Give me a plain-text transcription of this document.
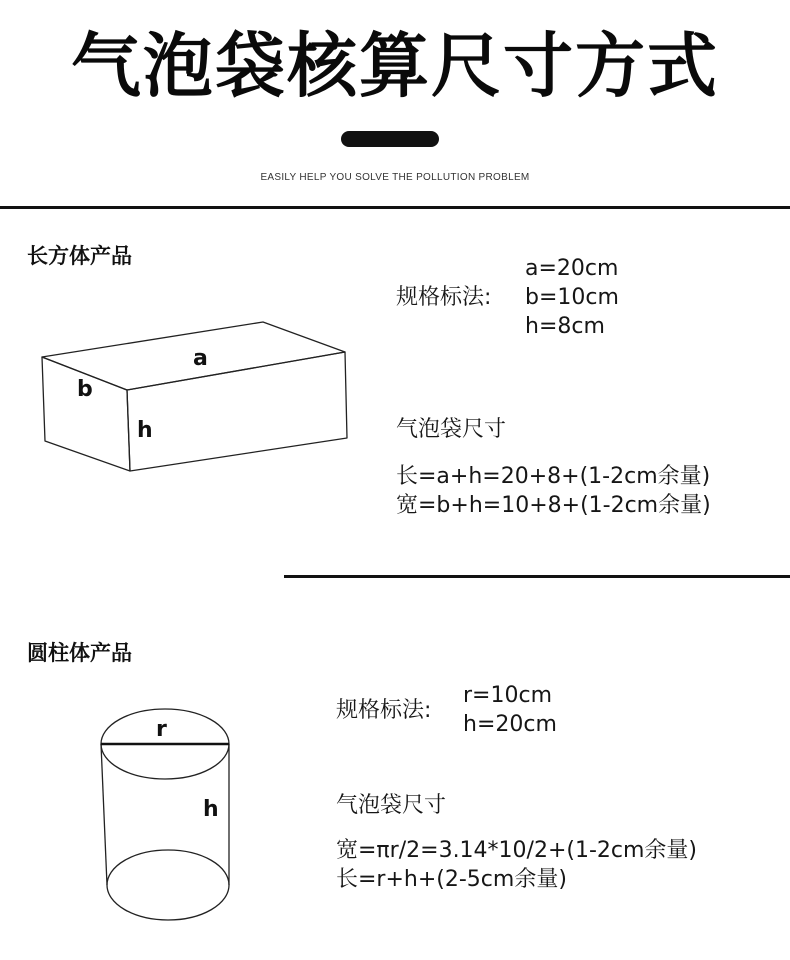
气泡袋核算尺寸方式
EASILY HELP YOU SOLVE THE POLLUTION PROBLEM
长方体产品
a
b
h
规格标法:
a=20cm
b=10cm
h=8cm
气泡袋尺寸
长=a+h=20+8+(1-2cm余量)
宽=b+h=10+8+(1-2cm余量)
圆柱体产品
r
h
规格标法:
r=10cm
h=20cm
气泡袋尺寸
宽=πr/2=3.14*10/2+(1-2cm余量)
长=r+h+(2-5cm余量)
